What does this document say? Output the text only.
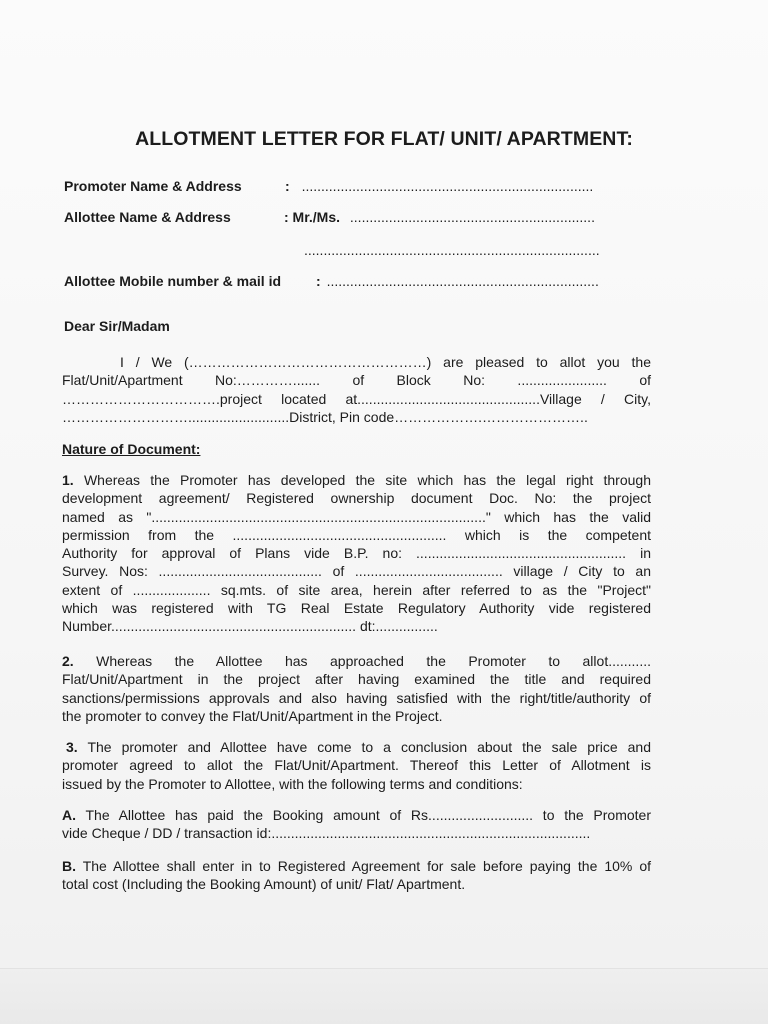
ALLOTMENT LETTER FOR FLAT/ UNIT/ APARTMENT:
Promoter Name & Address	: ...........................................................................
Allottee Name & Address	: Mr./Ms. ...............................................................
............................................................................
Allottee Mobile number & mail id : ......................................................................
Dear Sir/Madam

I / We (……………………………………………) are pleased to allot you the

Flat/Unit/Apartment No:…………....... of Block No: ....................... of

…………………………….project located at...............................................Village / City,

………………………..........................District, Pin code……………….…………………..

Nature of Document:

1. Whereas the Promoter has developed the site which has the legal right through

development agreement/ Registered ownership document Doc. No: the project

named as "......................................................................................" which has the valid

permission from the ....................................................... which is the competent

Authority for approval of Plans vide B.P. no: ...................................................... in

Survey. Nos: .......................................... of ...................................... village / City to an

extent of .................... sq.mts. of site area, herein after referred to as the "Project"

which was registered with TG Real Estate Regulatory Authority vide registered

Number............................................................... dt:................

2. Whereas the Allottee has approached the Promoter to allot...........

Flat/Unit/Apartment in the project after having examined the title and required

sanctions/permissions approvals and also having satisfied with the right/title/authority of

the promoter to convey the Flat/Unit/Apartment in the Project.

3. The promoter and Allottee have come to a conclusion about the sale price and

promoter agreed to allot the Flat/Unit/Apartment. Thereof this Letter of Allotment is

issued by the Promoter to Allottee, with the following terms and conditions:

A. The Allottee has paid the Booking amount of Rs........................... to the Promoter

vide Cheque / DD / transaction id:..................................................................................

B. The Allottee shall enter in to Registered Agreement for sale before paying the 10% of

total cost (Including the Booking Amount) of unit/ Flat/ Apartment.
